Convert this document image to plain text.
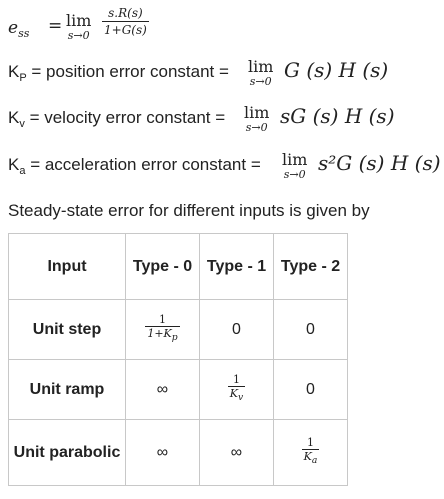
$e_{ss} = \lim$
$s\to 0 \frac{s.R(s)}{1+G(s)}$
$K_P$ = position error constant = lim
s→0 G (s) H (s)
$K_v$ = velocity error constant = lim
s→0 sG (s) H (s)
$K_a$ = acceleration error constant = lim
s→0 s²G (s) H (s)
Steady-state error for different inputs is given by
Input	Type - 0	Type - 1	Type - 2
Unit step	$\frac{1}{1+K_p}$	0	0
Unit ramp	∞	$\frac{1}{K_v}$	0
Unit parabolic	∞	∞	$\frac{1}{K_a}$
